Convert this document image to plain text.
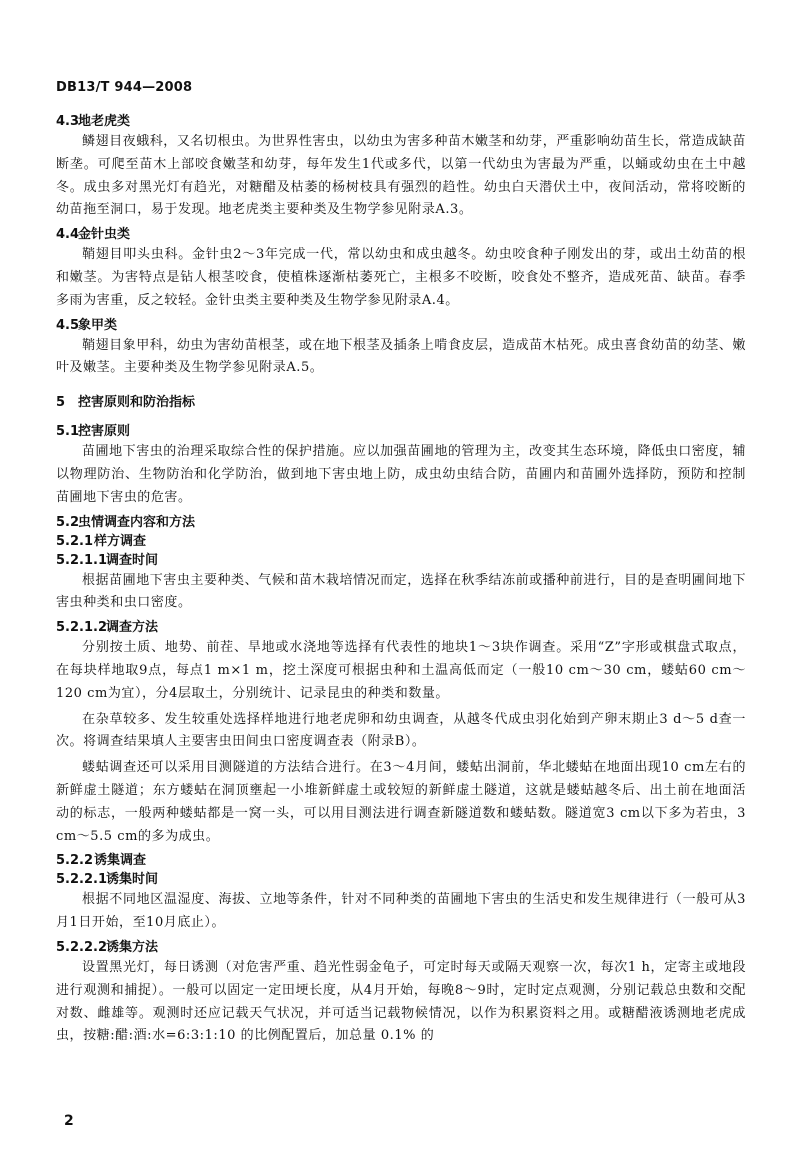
DB13/T 944—2008
4.3地老虎类

鳞翅目夜蛾科，又名切根虫。为世界性害虫，以幼虫为害多种苗木嫩茎和幼芽，严重影响幼苗生长，常造成缺苗断垄。可爬至苗木上部咬食嫩茎和幼芽，每年发生1代或多代，以第一代幼虫为害最为严重，以蛹或幼虫在土中越冬。成虫多对黑光灯有趋光，对糖醋及枯萎的杨树枝具有强烈的趋性。幼虫白天潜伏土中，夜间活动，常将咬断的幼苗拖至洞口，易于发现。地老虎类主要种类及生物学参见附录A.3。

4.4金针虫类

鞘翅目叩头虫科。金针虫2～3年完成一代，常以幼虫和成虫越冬。幼虫咬食种子刚发出的芽，或出土幼苗的根和嫩茎。为害特点是钻人根茎咬食，使植株逐渐枯萎死亡，主根多不咬断，咬食处不整齐，造成死苗、缺苗。春季多雨为害重，反之较轻。金针虫类主要种类及生物学参见附录A.4。

4.5象甲类

鞘翅目象甲科，幼虫为害幼苗根茎，或在地下根茎及插条上啃食皮层，造成苗木枯死。成虫喜食幼苗的幼茎、嫩叶及嫩茎。主要种类及生物学参见附录A.5。

5 控害原则和防治指标
5.1控害原则

苗圃地下害虫的治理采取综合性的保护措施。应以加强苗圃地的管理为主，改变其生态环境，降低虫口密度，辅以物理防治、生物防治和化学防治，做到地下害虫地上防，成虫幼虫结合防，苗圃内和苗圃外选择防，预防和控制苗圃地下害虫的危害。

5.2虫情调查内容和方法
5.2.1样方调查
5.2.1.1调查时间

根据苗圃地下害虫主要种类、气候和苗木栽培情况而定，选择在秋季结冻前或播种前进行，目的是查明圃间地下害虫种类和虫口密度。

5.2.1.2调查方法

分别按土质、地势、前茬、旱地或水浇地等选择有代表性的地块1～3块作调查。采用“Z”字形或棋盘式取点，在每块样地取9点，每点1 m×1 m，挖土深度可根据虫种和土温高低而定（一般10 cm～30 cm，蝼蛄60 cm～120 cm为宜），分4层取土，分别统计、记录昆虫的种类和数量。

在杂草较多、发生较重处选择样地进行地老虎卵和幼虫调查，从越冬代成虫羽化始到产卵末期止3 d～5 d查一次。将调查结果填人主要害虫田间虫口密度调查表（附录B）。

蝼蛄调查还可以采用目测隧道的方法结合进行。在3～4月间，蝼蛄出洞前，华北蝼蛄在地面出现10 cm左右的新鲜虚土隧道；东方蝼蛄在洞顶壅起一小堆新鲜虚土或较短的新鲜虚土隧道，这就是蝼蛄越冬后、出土前在地面活动的标志，一般两种蝼蛄都是一窝一头，可以用目测法进行调查新隧道数和蝼蛄数。隧道宽3 cm以下多为若虫，3 cm～5.5 cm的多为成虫。

5.2.2诱集调查
5.2.2.1诱集时间

根据不同地区温湿度、海拔、立地等条件，针对不同种类的苗圃地下害虫的生活史和发生规律进行（一般可从3月1日开始，至10月底止）。

5.2.2.2诱集方法

设置黑光灯，每日诱测（对危害严重、趋光性弱金龟子，可定时每天或隔天观察一次，每次1 h，定寄主或地段进行观测和捕捉）。一般可以固定一定田埂长度，从4月开始，每晚8～9时，定时定点观测，分别记载总虫数和交配对数、雌雄等。观测时还应记载天气状况，并可适当记载物候情况，以作为积累资料之用。或糖醋液诱测地老虎成虫，按糖:醋:酒:水=6:3:1:10 的比例配置后，加总量 0.1% 的

2
